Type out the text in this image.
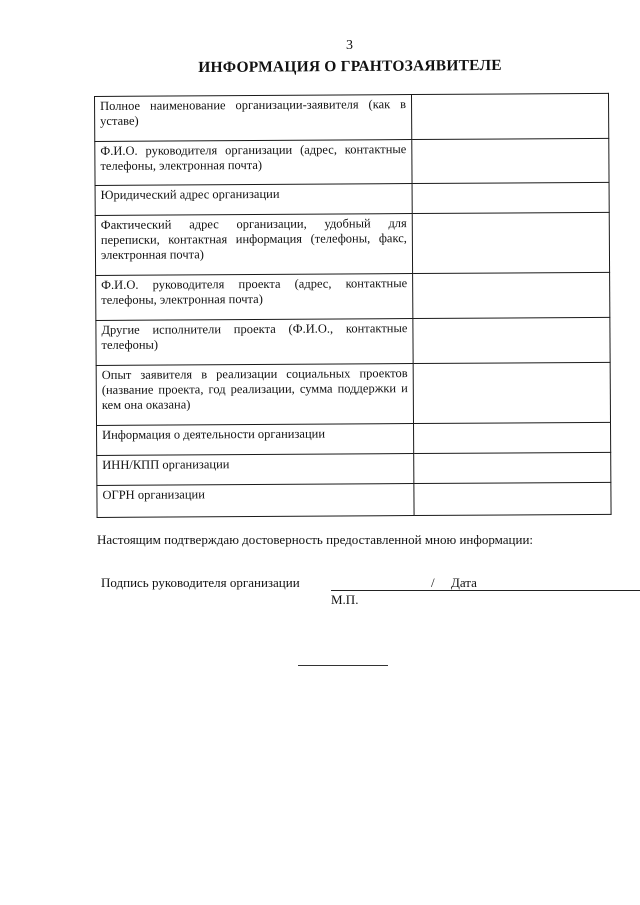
3
ИНФОРМАЦИЯ О ГРАНТОЗАЯВИТЕЛЕ
Полное наименование организации-заявителя (как в уставе)	
Ф.И.О. руководителя организации (адрес, контактные телефоны, электронная почта)	
Юридический адрес организации	
Фактический адрес организации, удобный для переписки, контактная информация (телефоны, факс, электронная почта)	
Ф.И.О. руководителя проекта (адрес, контактные телефоны, электронная почта)	
Другие исполнители проекта (Ф.И.О., контактные телефоны)	
Опыт заявителя в реализации социальных проектов (название проекта, год реализации, сумма поддержки и кем она оказана)	
Информация о деятельности организации	
ИНН/КПП организации	
ОГРН организации	

Настоящим подтверждаю достоверность предоставленной мною информации:

Подпись руководителя организации	/ Дата
М.П.
